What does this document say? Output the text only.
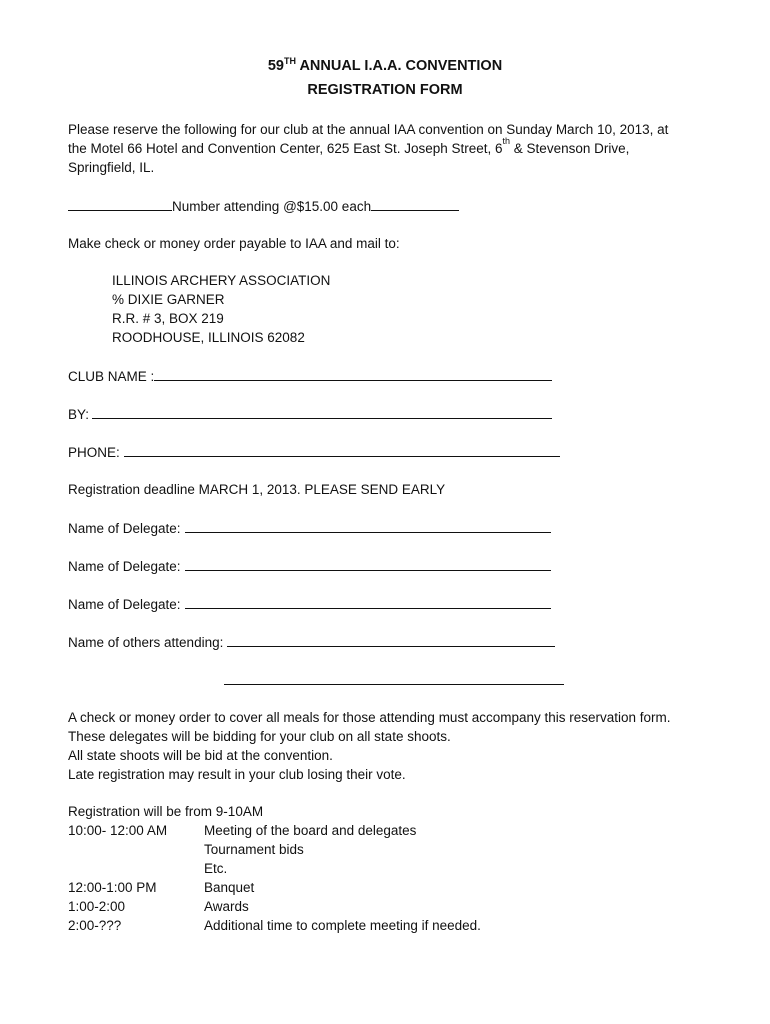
59TH ANNUAL I.A.A. CONVENTION
REGISTRATION FORM
Please reserve the following for our club at the annual IAA convention on Sunday March 10, 2013, at
the Motel 66 Hotel and Convention Center, 625 East St. Joseph Street, 6th & Stevenson Drive,
Springfield, IL.
Number attending @$15.00 each
Make check or money order payable to IAA and mail to:
ILLINOIS ARCHERY ASSOCIATION
% DIXIE GARNER
R.R. # 3, BOX 219
ROODHOUSE, ILLINOIS 62082
CLUB NAME :
BY:
PHONE:
Registration deadline MARCH 1, 2013. PLEASE SEND EARLY
Name of Delegate:
Name of Delegate:
Name of Delegate:
Name of others attending:
A check or money order to cover all meals for those attending must accompany this reservation form.
These delegates will be bidding for your club on all state shoots.
All state shoots will be bid at the convention.
Late registration may result in your club losing their vote.
Registration will be from 9-10AM
10:00- 12:00 AM	Meeting of the board and delegates
Tournament bids
Etc.
12:00-1:00 PM	Banquet
1:00-2:00	Awards
2:00-???	Additional time to complete meeting if needed.
